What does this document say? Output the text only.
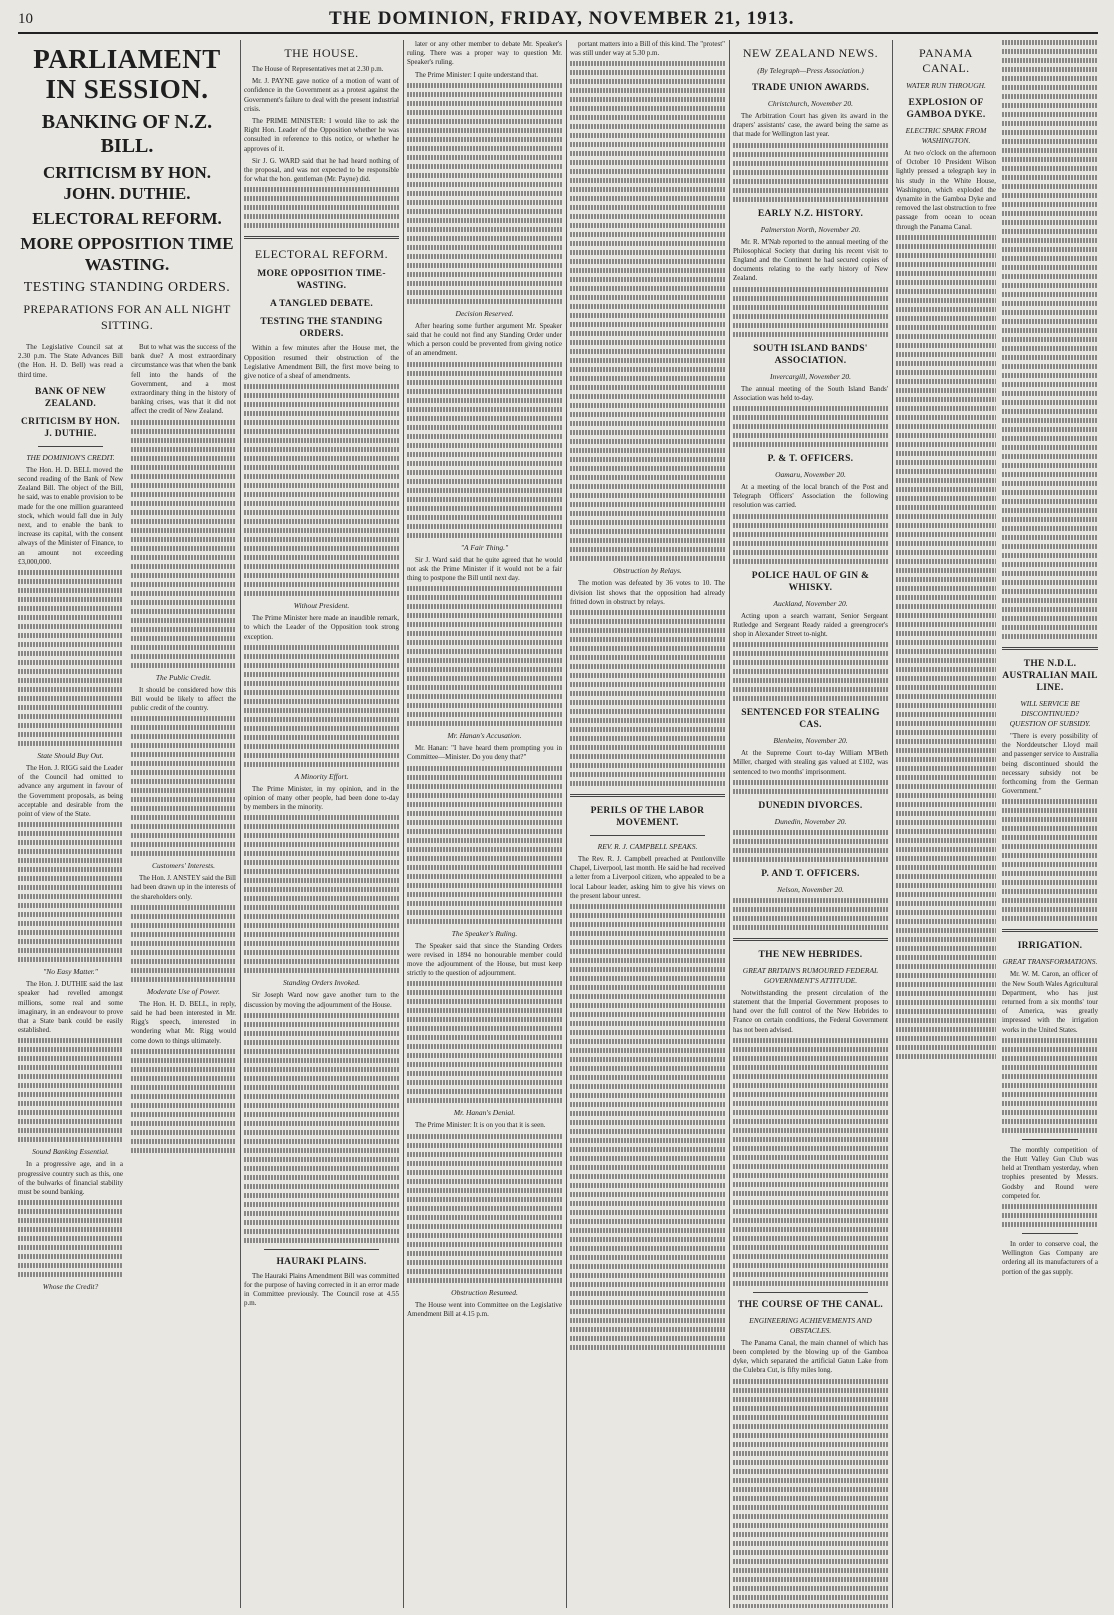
10	THE DOMINION, FRIDAY, NOVEMBER 21, 1913.

PARLIAMENT IN SESSION.
BANKING OF N.Z. BILL.
CRITICISM BY HON. JOHN. DUTHIE.
ELECTORAL REFORM.
MORE OPPOSITION TIME WASTING.
TESTING STANDING ORDERS.
PREPARATIONS FOR AN ALL NIGHT SITTING.

The Legislative Council sat at 2.30 p.m. The State Advances Bill (the Hon. H. D. Bell) was read a third time.

BANK OF NEW ZEALAND.
CRITICISM BY HON. J. DUTHIE.
THE DOMINION'S CREDIT.

The Hon. H. D. BELL moved the second reading of the Bank of New Zealand Bill. The object of the Bill, he said, was to enable provision to be made for the one million guaranteed stock, which would fall due in July next, and to enable the bank to increase its capital, with the consent always of the Minister of Finance, to an amount not exceeding £3,000,000.

State Should Buy Out.

The Hon. J. RIGG said the Leader of the Council had omitted to advance any argument in favour of the Government proposals, as being acceptable and desirable from the point of view of the State.

"No Easy Matter."

The Hon. J. DUTHIE said the last speaker had revelled amongst millions, some real and some imaginary, in an endeavour to prove that a State bank could be easily established.

Sound Banking Essential.

In a progressive age, and in a progressive country such as this, one of the bulwarks of financial stability must be sound banking.

Whose the Credit?

But to what was the success of the bank due? A most extraordinary circumstance was that when the bank fell into the hands of the Government, and a most extraordinary thing in the history of banking crises, was that it did not affect the credit of New Zealand.

The Public Credit.

It should be considered how this Bill would be likely to affect the public credit of the country.

Customers' Interests.

The Hon. J. ANSTEY said the Bill had been drawn up in the interests of the shareholders only.

Moderate Use of Power.

The Hon. H. D. BELL, in reply, said he had been interested in Mr. Rigg's speech, interested in wondering what Mr. Rigg would come down to things ultimately.

THE HOUSE.

The House of Representatives met at 2.30 p.m.

Mr. J. PAYNE gave notice of a motion of want of confidence in the Government as a protest against the Government's failure to deal with the present industrial crisis.

The PRIME MINISTER: I would like to ask the Right Hon. Leader of the Opposition whether he was consulted in reference to this notice, or whether he approves of it.

Sir J. G. WARD said that he had heard nothing of the proposal, and was not expected to be responsible for what the hon. gentleman (Mr. Payne) did.

ELECTORAL REFORM.
MORE OPPOSITION TIME-WASTING.
A TANGLED DEBATE.
TESTING THE STANDING ORDERS.

Within a few minutes after the House met, the Opposition resumed their obstruction of the Legislative Amendment Bill, the first move being to give notice of a sheaf of amendments.

Without President.

The Prime Minister here made an inaudible remark, to which the Leader of the Opposition took strong exception.

A Minority Effort.

The Prime Minister, in my opinion, and in the opinion of many other people, had been done to-day by members in the minority.

Standing Orders Invoked.

Sir Joseph Ward now gave another turn to the discussion by moving the adjournment of the House.

HAURAKI PLAINS.

The Hauraki Plains Amendment Bill was committed for the purpose of having corrected in it an error made in Committee previously. The Council rose at 4.55 p.m.

later or any other member to debate Mr. Speaker's ruling. There was a proper way to question Mr. Speaker's ruling.

The Prime Minister: I quite understand that.

Decision Reserved.

After hearing some further argument Mr. Speaker said that he could not find any Standing Order under which a person could be prevented from giving notice of an amendment.

"A Fair Thing."

Sir J. Ward said that he quite agreed that he would not ask the Prime Minister if it would not be a fair thing to postpone the Bill until next day.

Mr. Hanan's Accusation.

Mr. Hanan: "I have heard them prompting you in Committee—Minister. Do you deny that?"

The Speaker's Ruling.

The Speaker said that since the Standing Orders were revised in 1894 no honourable member could move the adjournment of the House, but must keep strictly to the question of adjournment.

Mr. Hanan's Denial.

The Prime Minister: It is on you that it is seen.

Obstruction Resumed.

The House went into Committee on the Legislative Amendment Bill at 4.15 p.m.

portant matters into a Bill of this kind. The "protest" was still under way at 5.30 p.m.

Obstruction by Relays.

The motion was defeated by 36 votes to 10. The division list shows that the opposition had already fritted down in obstruct by relays.

PERILS OF THE LABOR MOVEMENT.
REV. R. J. CAMPBELL SPEAKS.

The Rev. R. J. Campbell preached at Pentlonville Chapel, Liverpool, last month. He said he had received a letter from a Liverpool citizen, who appealed to be a local Labour leader, asking him to give his views on the present labour unrest.

NEW ZEALAND NEWS.
(By Telegraph—Press Association.)
TRADE UNION AWARDS.
Christchurch, November 20.

The Arbitration Court has given its award in the drapers' assistants' case, the award being the same as that made for Wellington last year.

EARLY N.Z. HISTORY.
Palmerston North, November 20.

Mr. R. M'Nab reported to the annual meeting of the Philosophical Society that during his recent visit to England and the Continent he had secured copies of documents relating to the early history of New Zealand.

SOUTH ISLAND BANDS' ASSOCIATION.
Invercargill, November 20.

The annual meeting of the South Island Bands' Association was held to-day.

P. & T. OFFICERS.
Oamaru, November 20.

At a meeting of the local branch of the Post and Telegraph Officers' Association the following resolution was carried.

POLICE HAUL OF GIN & WHISKY.
Auckland, November 20.

Acting upon a search warrant, Senior Sergeant Rutledge and Sergeant Ready raided a greengrocer's shop in Alexander Street to-night.

SENTENCED FOR STEALING CAS.
Blenheim, November 20.

At the Supreme Court to-day William M'Beth Miller, charged with stealing gas valued at £102, was sentenced to two months' imprisonment.

DUNEDIN DIVORCES.
Dunedin, November 20.
P. AND T. OFFICERS.
Nelson, November 20.
THE NEW HEBRIDES.
GREAT BRITAIN'S RUMOURED FEDERAL GOVERNMENT'S ATTITUDE.

Notwithstanding the present circulation of the statement that the Imperial Government proposes to hand over the full control of the New Hebrides to France on certain conditions, the Federal Government has not been advised.

THE COURSE OF THE CANAL.
ENGINEERING ACHIEVEMENTS AND OBSTACLES.

The Panama Canal, the main channel of which has been completed by the blowing up of the Gamboa dyke, which separated the artificial Gatun Lake from the Culebra Cut, is fifty miles long.

PANAMA CANAL.
WATER RUN THROUGH.
EXPLOSION OF GAMBOA DYKE.
ELECTRIC SPARK FROM WASHINGTON.

At two o'clock on the afternoon of October 10 President Wilson lightly pressed a telegraph key in his study in the White House, Washington, which exploded the dynamite in the Gamboa Dyke and removed the last obstruction to free passage from ocean to ocean through the Panama Canal.

THE N.D.L. AUSTRALIAN MAIL LINE.
WILL SERVICE BE DISCONTINUED? QUESTION OF SUBSIDY.

"There is every possibility of the Norddeutscher Lloyd mail and passenger service to Australia being discontinued should the necessary subsidy not be forthcoming from the German Government."

IRRIGATION.
GREAT TRANSFORMATIONS.

Mr. W. M. Caron, an officer of the New South Wales Agricultural Department, who has just returned from a six months' tour of America, was greatly impressed with the irrigation works in the United States.

The monthly competition of the Hutt Valley Gun Club was held at Trentham yesterday, when trophies presented by Messrs. Godsby and Round were competed for.

In order to conserve coal, the Wellington Gas Company are ordering all its manufacturers of a portion of the gas supply.
